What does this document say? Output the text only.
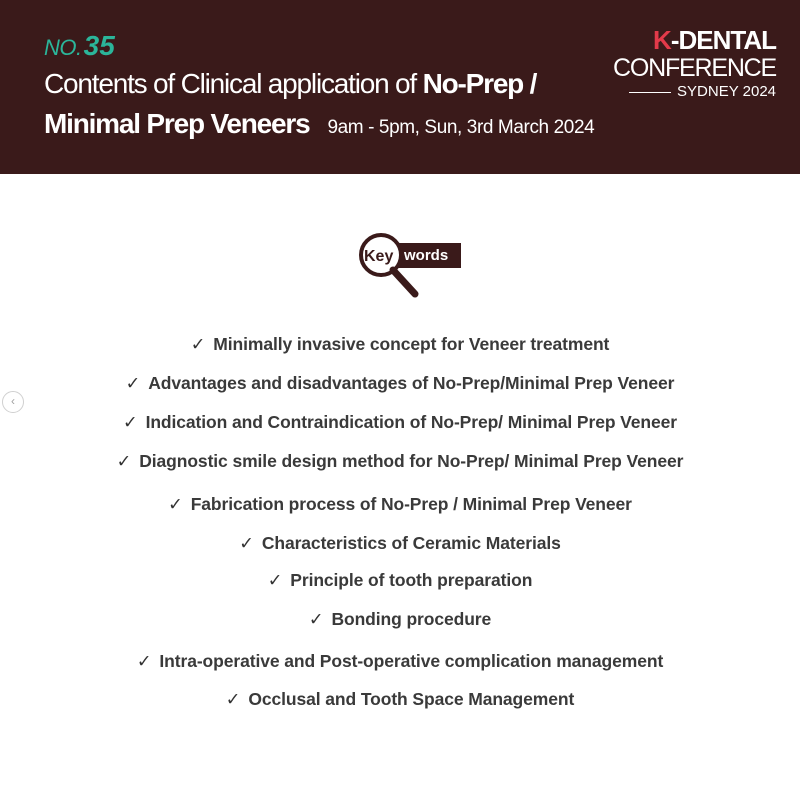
NO. 35
Contents of Clinical application of No-Prep /
Minimal Prep Veneers 9am - 5pm, Sun, 3rd March 2024
K-DENTAL
CONFERENCE
SYDNEY 2024
‹
Key words
✓ Minimally invasive concept for Veneer treatment
✓ Advantages and disadvantages of No-Prep/Minimal Prep Veneer
✓ Indication and Contraindication of No-Prep/ Minimal Prep Veneer
✓ Diagnostic smile design method for No-Prep/ Minimal Prep Veneer
✓ Fabrication process of No-Prep / Minimal Prep Veneer
✓ Characteristics of Ceramic Materials
✓ Principle of tooth preparation
✓ Bonding procedure
✓ Intra-operative and Post-operative complication management
✓ Occlusal and Tooth Space Management
